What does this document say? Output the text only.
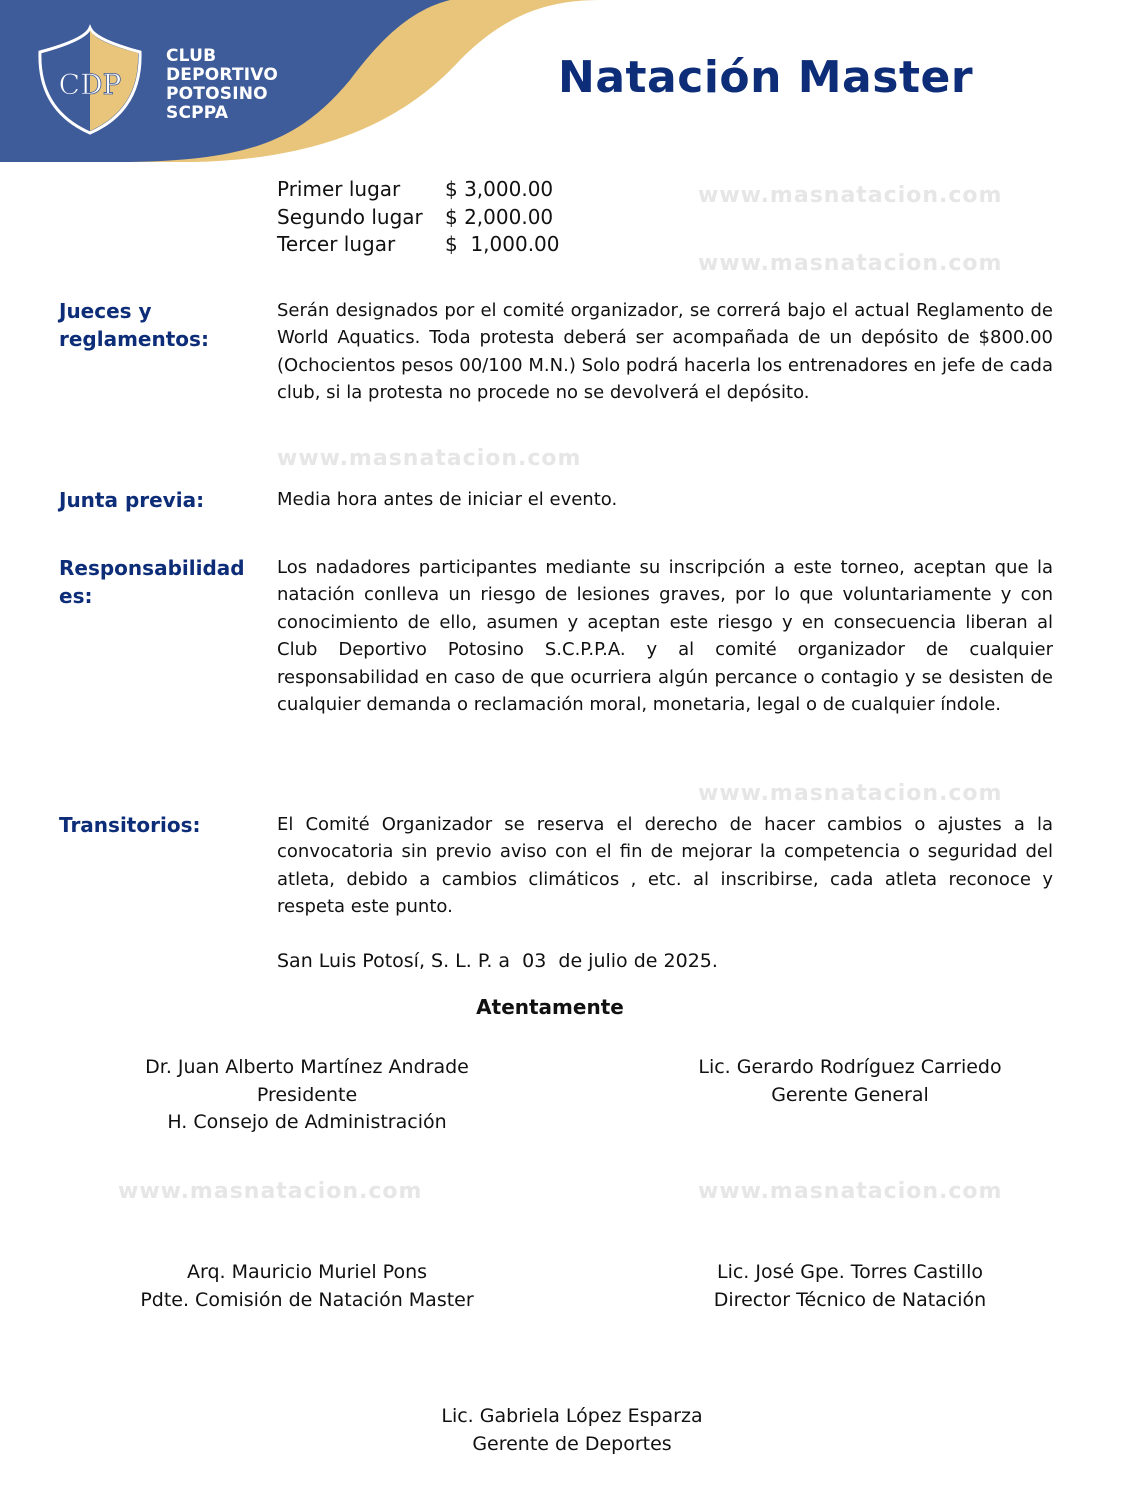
CDP
CLUB
DEPORTIVO
POTOSINO
SCPPA
Natación Master
Primer lugar	$ 3,000.00
Segundo lugar	$ 2,000.00
Tercer lugar	$  1,000.00
www.masnatacion.com
www.masnatacion.com
www.masnatacion.com
www.masnatacion.com
www.masnatacion.com	www.masnatacion.com
Jueces y reglamentos:
Serán designados por el comité organizador, se correrá bajo el actual Reglamento de World Aquatics. Toda protesta deberá ser acompañada de un depósito de $800.00 (Ochocientos pesos 00/100 M.N.) Solo podrá hacerla los entrenadores en jefe de cada club, si la protesta no procede no se devolverá el depósito.
Junta previa:	Media hora antes de iniciar el evento.
Responsabilidades:
Los nadadores participantes mediante su inscripción a este torneo, aceptan que la natación conlleva un riesgo de lesiones graves, por lo que voluntariamente y con conocimiento de ello, asumen y aceptan este riesgo y en consecuencia liberan al Club Deportivo Potosino S.C.P.P.A. y al comité organizador de cualquier responsabilidad en caso de que ocurriera algún percance o contagio y se desisten de cualquier demanda o reclamación moral, monetaria, legal o de cualquier índole.
Transitorios:	El Comité Organizador se reserva el derecho de hacer cambios o ajustes a la convocatoria sin previo aviso con el fin de mejorar la competencia o seguridad del atleta, debido a cambios climáticos , etc. al inscribirse, cada atleta reconoce y respeta este punto.
San Luis Potosí, S. L. P. a  03  de julio de 2025.
Atentamente
Dr. Juan Alberto Martínez Andrade
Presidente
H. Consejo de Administración
Lic. Gerardo Rodríguez Carriedo
Gerente General
Arq. Mauricio Muriel Pons
Pdte. Comisión de Natación Master
Lic. José Gpe. Torres Castillo
Director Técnico de Natación
Lic. Gabriela López Esparza
Gerente de Deportes
